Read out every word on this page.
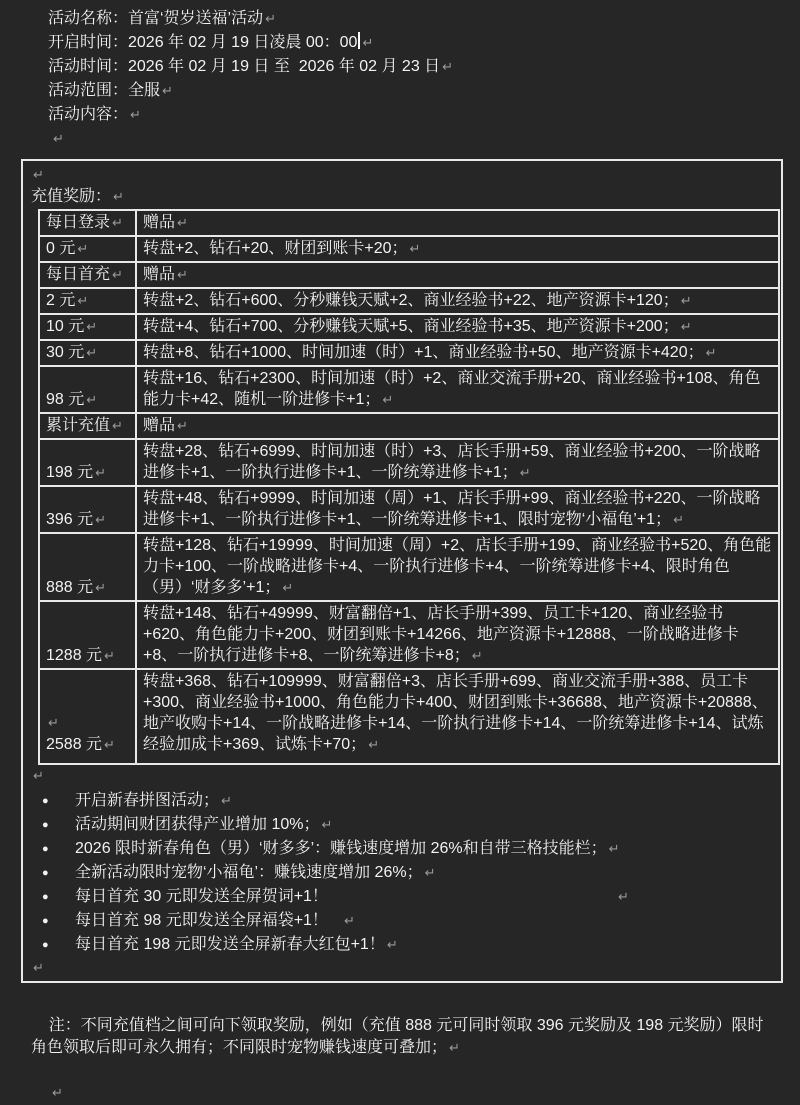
活动名称：首富‘贺岁送福’活动 ↵
开启时间：2026 年 02 月 19 日凌晨 00：00 ↵
活动时间：2026 年 02 月 19 日 至  2026 年 02 月 23 日 ↵
活动范围：全服 ↵
活动内容： ↵
↵
↵
充值奖励： ↵
每日登录 ↵	赠品 ↵

0 元 ↵	转盘+2、钻石+20、财团到账卡+20； ↵

每日首充 ↵	赠品 ↵

2 元 ↵	转盘+2、钻石+600、分秒赚钱天赋+2、商业经验书+22、地产资源卡+120； ↵

10 元 ↵	转盘+4、钻石+700、分秒赚钱天赋+5、商业经验书+35、地产资源卡+200； ↵

30 元 ↵	转盘+8、钻石+1000、时间加速（时）+1、商业经验书+50、地产资源卡+420； ↵

98 元 ↵	转盘+16、钻石+2300、时间加速（时）+2、商业交流手册+20、商业经验书+108、角色能力卡+42、随机一阶进修卡+1； ↵

累计充值 ↵	赠品 ↵

198 元 ↵	转盘+28、钻石+6999、时间加速（时）+3、店长手册+59、商业经验书+200、一阶战略进修卡+1、一阶执行进修卡+1、一阶统筹进修卡+1； ↵

396 元 ↵	转盘+48、钻石+9999、时间加速（周）+1、店长手册+99、商业经验书+220、一阶战略进修卡+1、一阶执行进修卡+1、一阶统筹进修卡+1、限时宠物‘小福龟’+1； ↵

888 元 ↵	转盘+128、钻石+19999、时间加速（周）+2、店长手册+199、商业经验书+520、角色能力卡+100、一阶战略进修卡+4、一阶执行进修卡+4、一阶统筹进修卡+4、限时角色（男）‘财多多’+1； ↵

1288 元 ↵	转盘+148、钻石+49999、财富翻倍+1、店长手册+399、员工卡+120、商业经验书+620、角色能力卡+200、财团到账卡+14266、地产资源卡+12888、一阶战略进修卡+8、一阶执行进修卡+8、一阶统筹进修卡+8； ↵

↵
2588 元 ↵	转盘+368、钻石+109999、财富翻倍+3、店长手册+699、商业交流手册+388、员工卡+300、商业经验书+1000、角色能力卡+400、财团到账卡+36688、地产资源卡+20888、地产收购卡+14、一阶战略进修卡+14、一阶执行进修卡+14、一阶统筹进修卡+14、试炼经验加成卡+369、试炼卡+70； ↵
↵
● 开启新春拼图活动； ↵
● 活动期间财团获得产业增加 10%； ↵
● 2026 限时新春角色（男）‘财多多’：赚钱速度增加 26%和自带三格技能栏； ↵
● 全新活动限时宠物‘小福龟’：赚钱速度增加 26%； ↵
● 每日首充 30 元即发送全屏贺词+1！	↵
● 每日首充 98 元即发送全屏福袋+1！ ↵
● 每日首充 198 元即发送全屏新春大红包+1！ ↵
↵

注：不同充值档之间可向下领取奖励，例如（充值 888 元可同时领取 396 元奖励及 198 元奖励）限时角色领取后即可永久拥有；不同限时宠物赚钱速度可叠加； ↵

↵
